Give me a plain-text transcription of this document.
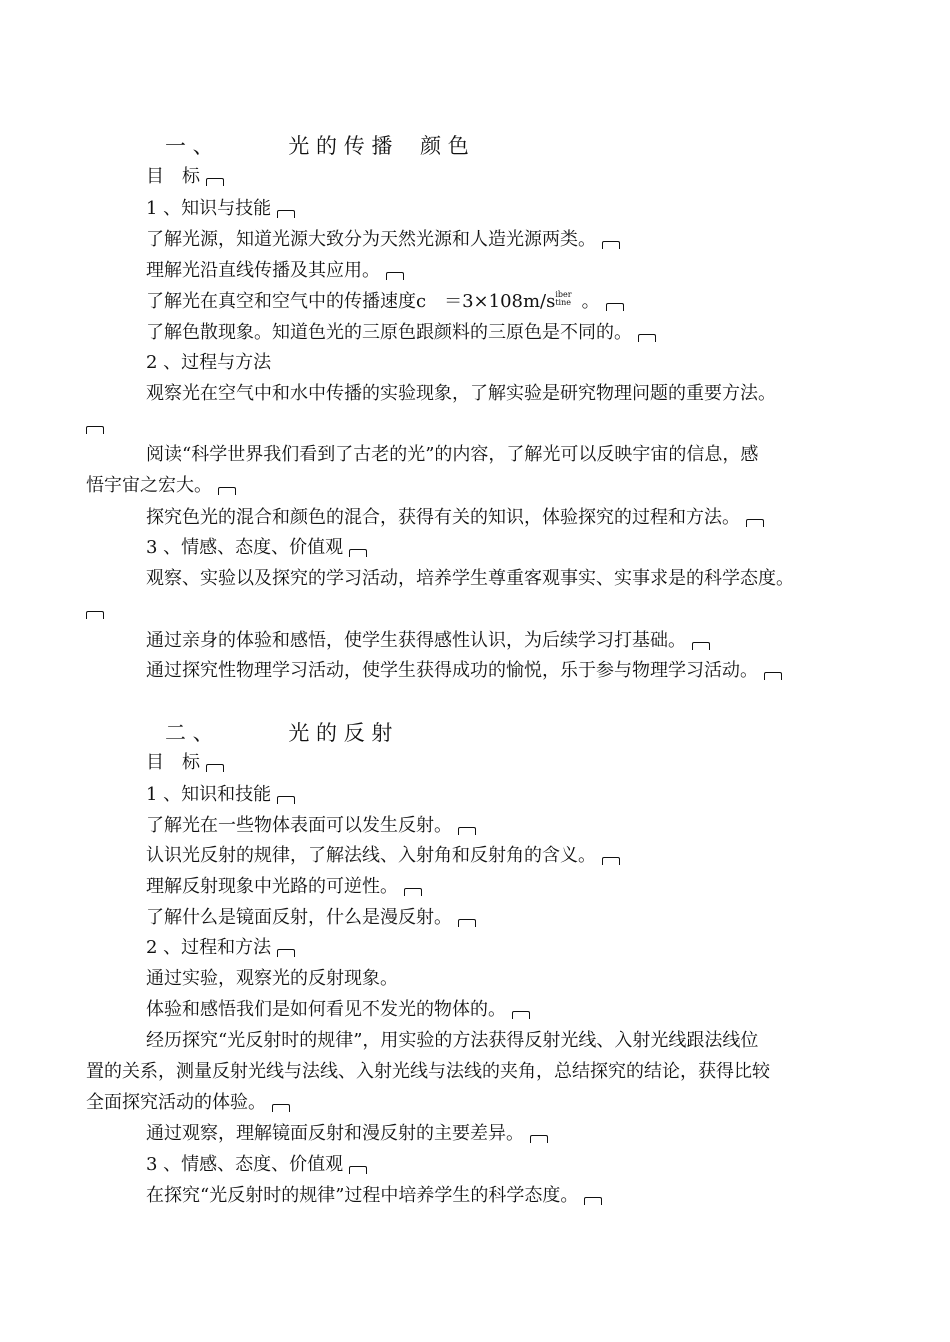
一 、	光 的 传 播　 颜 色
目　标
1 、知识与技能
了解光源，知道光源大致分为天然光源和人造光源两类。
理解光沿直线传播及其应用。
了解光在真空和空气中的传播速度c　＝3×108m/s iber
tine 。
了解色散现象。知道色光的三原色跟颜料的三原色是不同的。
2 、过程与方法
观察光在空气中和水中传播的实验现象，了解实验是研究物理问题的重要方法。
阅读“科学世界我们看到了古老的光”的内容，了解光可以反映宇宙的信息，感
悟宇宙之宏大。
探究色光的混合和颜色的混合，获得有关的知识，体验探究的过程和方法。
3 、情感、态度、价值观
观察、实验以及探究的学习活动，培养学生尊重客观事实、实事求是的科学态度。
通过亲身的体验和感悟，使学生获得感性认识，为后续学习打基础。
通过探究性物理学习活动，使学生获得成功的愉悦，乐于参与物理学习活动。
二 、	光 的 反 射
目　标
1 、知识和技能
了解光在一些物体表面可以发生反射。
认识光反射的规律，了解法线、入射角和反射角的含义。
理解反射现象中光路的可逆性。
了解什么是镜面反射，什么是漫反射。
2 、过程和方法
通过实验，观察光的反射现象。
体验和感悟我们是如何看见不发光的物体的。
经历探究“光反射时的规律”，用实验的方法获得反射光线、入射光线跟法线位
置的关系，测量反射光线与法线、入射光线与法线的夹角，总结探究的结论，获得比较
全面探究活动的体验。
通过观察，理解镜面反射和漫反射的主要差异。
3 、情感、态度、价值观
在探究“光反射时的规律”过程中培养学生的科学态度。
